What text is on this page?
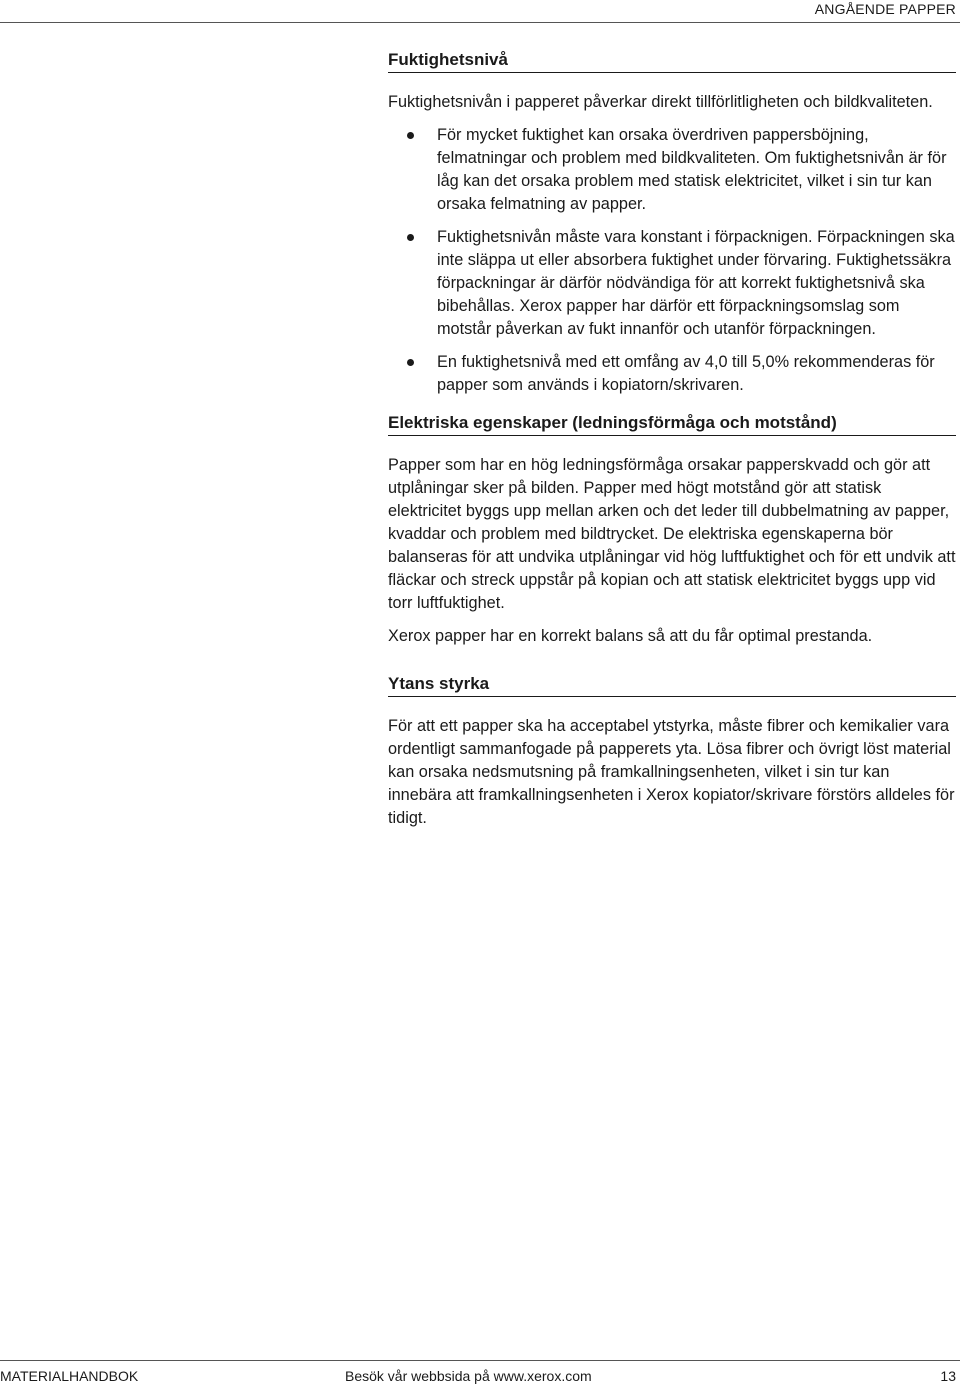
ANGÅENDE PAPPER
Fuktighetsnivå

Fuktighetsnivån i papperet påverkar direkt tillförlitligheten och bildkvaliteten.

För mycket fuktighet kan orsaka överdriven pappersböjning, felmatningar och problem med bildkvaliteten. Om fuktighetsnivån är för låg kan det orsaka problem med statisk elektricitet, vilket i sin tur kan orsaka felmatning av papper.
Fuktighetsnivån måste vara konstant i förpacknigen. Förpackningen ska inte släppa ut eller absorbera fuktighet under förvaring. Fuktighetssäkra förpackningar är därför nödvändiga för att korrekt fuktighetsnivå ska bibehållas. Xerox papper har därför ett förpackningsomslag som motstår påverkan av fukt innanför och utanför förpackningen.
En fuktighetsnivå med ett omfång av 4,0 till 5,0% rekommenderas för papper som används i kopiatorn/skrivaren.
Elektriska egenskaper (ledningsförmåga och motstånd)

Papper som har en hög ledningsförmåga orsakar papperskvadd och gör att utplåningar sker på bilden. Papper med högt motstånd gör att statisk elektricitet byggs upp mellan arken och det leder till dubbelmatning av papper, kvaddar och problem med bildtrycket. De elektriska egenskaperna bör balanseras för att undvika utplåningar vid hög luftfuktighet och för ett undvik att fläckar och streck uppstår på kopian och att statisk elektricitet byggs upp vid torr luftfuktighet.

Xerox papper har en korrekt balans så att du får optimal prestanda.

Ytans styrka

För att ett papper ska ha acceptabel ytstyrka, måste fibrer och kemikalier vara ordentligt sammanfogade på papperets yta. Lösa fibrer och övrigt löst material kan orsaka nedsmutsning på framkallningsenheten, vilket i sin tur kan innebära att framkallningsenheten i Xerox kopiator/skrivare förstörs alldeles för tidigt.

MATERIALHANDBOK	Besök vår webbsida på www.xerox.com	13
